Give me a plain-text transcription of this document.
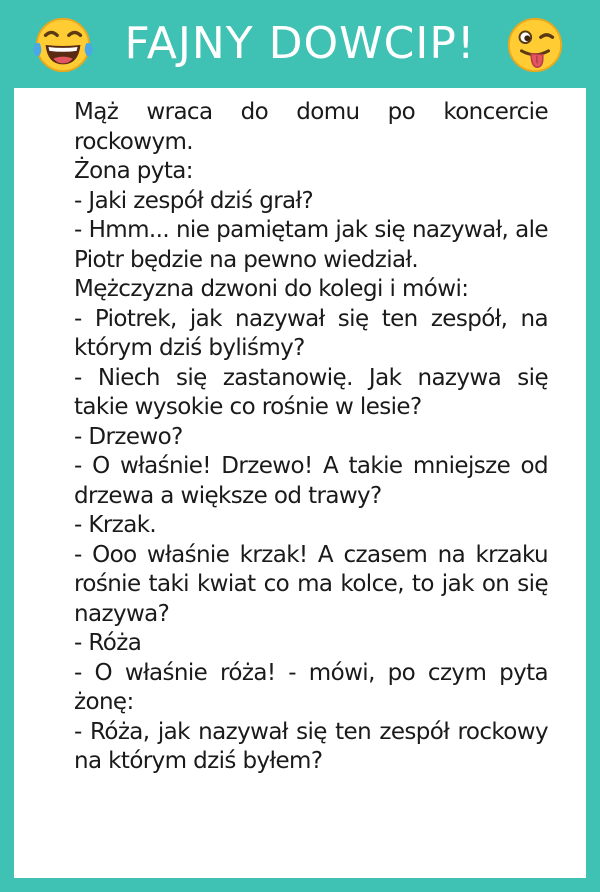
FAJNY DOWCIP!
Mąż wraca do domu po koncercie rockowym.
Żona pyta:
- Jaki zespół dziś grał?
- Hmm... nie pamiętam jak się nazywał, ale Piotr będzie na pewno wiedział.
Mężczyzna dzwoni do kolegi i mówi:
- Piotrek, jak nazywał się ten zespół, na którym dziś byliśmy?
- Niech się zastanowię. Jak nazywa się takie wysokie co rośnie w lesie?
- Drzewo?
- O właśnie! Drzewo! A takie mniejsze od drzewa a większe od trawy?
- Krzak.
- Ooo właśnie krzak! A czasem na krzaku rośnie taki kwiat co ma kolce, to jak on się nazywa?
- Róża
- O właśnie róża! - mówi, po czym pyta żonę:
- Róża, jak nazywał się ten zespół rockowy na którym dziś byłem?
